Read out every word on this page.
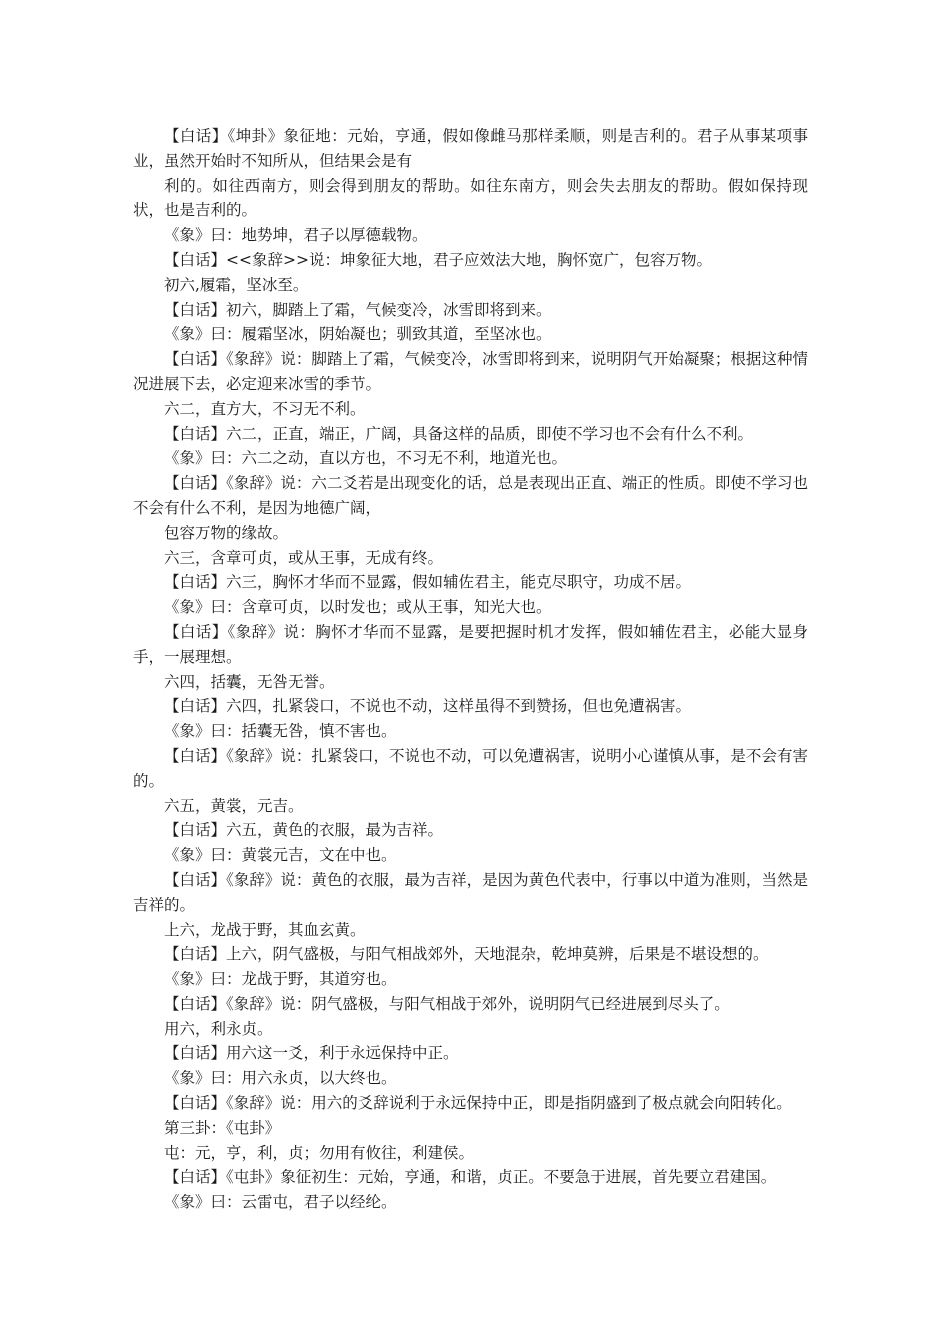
【白话】《坤卦》象征地：元始，亨通，假如像雌马那样柔顺，则是吉利的。君子从事某项事业，虽然开始时不知所从，但结果会是有

利的。如往西南方，则会得到朋友的帮助。如往东南方，则会失去朋友的帮助。假如保持现状，也是吉利的。

《象》曰：地势坤，君子以厚德载物。

【白话】<<象辞>>说：坤象征大地，君子应效法大地，胸怀宽广，包容万物。

初六,履霜，坚冰至。

【白话】初六，脚踏上了霜，气候变冷，冰雪即将到来。

《象》曰：履霜坚冰，阴始凝也；驯致其道，至坚冰也。

【白话】《象辞》说：脚踏上了霜，气候变冷，冰雪即将到来，说明阴气开始凝聚；根据这种情况进展下去，必定迎来冰雪的季节。

六二，直方大，不习无不利。

【白话】六二，正直，端正，广阔，具备这样的品质，即使不学习也不会有什么不利。

《象》曰：六二之动，直以方也，不习无不利，地道光也。

【白话】《象辞》说：六二爻若是出现变化的话，总是表现出正直、端正的性质。即使不学习也不会有什么不利，是因为地德广阔，

包容万物的缘故。

六三，含章可贞，或从王事，无成有终。

【白话】六三，胸怀才华而不显露，假如辅佐君主，能克尽职守，功成不居。

《象》曰：含章可贞，以时发也；或从王事，知光大也。

【白话】《象辞》说：胸怀才华而不显露，是要把握时机才发挥，假如辅佐君主，必能大显身手，一展理想。

六四，括囊，无咎无誉。

【白话】六四，扎紧袋口，不说也不动，这样虽得不到赞扬，但也免遭祸害。

《象》曰：括囊无咎，慎不害也。

【白话】《象辞》说：扎紧袋口，不说也不动，可以免遭祸害，说明小心谨慎从事，是不会有害的。

六五，黄裳，元吉。

【白话】六五，黄色的衣服，最为吉祥。

《象》曰：黄裳元吉，文在中也。

【白话】《象辞》说：黄色的衣服，最为吉祥，是因为黄色代表中，行事以中道为准则，当然是吉祥的。

上六，龙战于野，其血玄黄。

【白话】上六，阴气盛极，与阳气相战郊外，天地混杂，乾坤莫辨，后果是不堪设想的。

《象》曰：龙战于野，其道穷也。

【白话】《象辞》说：阴气盛极，与阳气相战于郊外，说明阴气已经进展到尽头了。

用六，利永贞。

【白话】用六这一爻，利于永远保持中正。

《象》曰：用六永贞，以大终也。

【白话】《象辞》说：用六的爻辞说利于永远保持中正，即是指阴盛到了极点就会向阳转化。

第三卦：《屯卦》

屯：元，亨，利，贞；勿用有攸往，利建侯。

【白话】《屯卦》象征初生：元始，亨通，和谐，贞正。不要急于进展，首先要立君建国。

《象》曰：云雷屯，君子以经纶。
